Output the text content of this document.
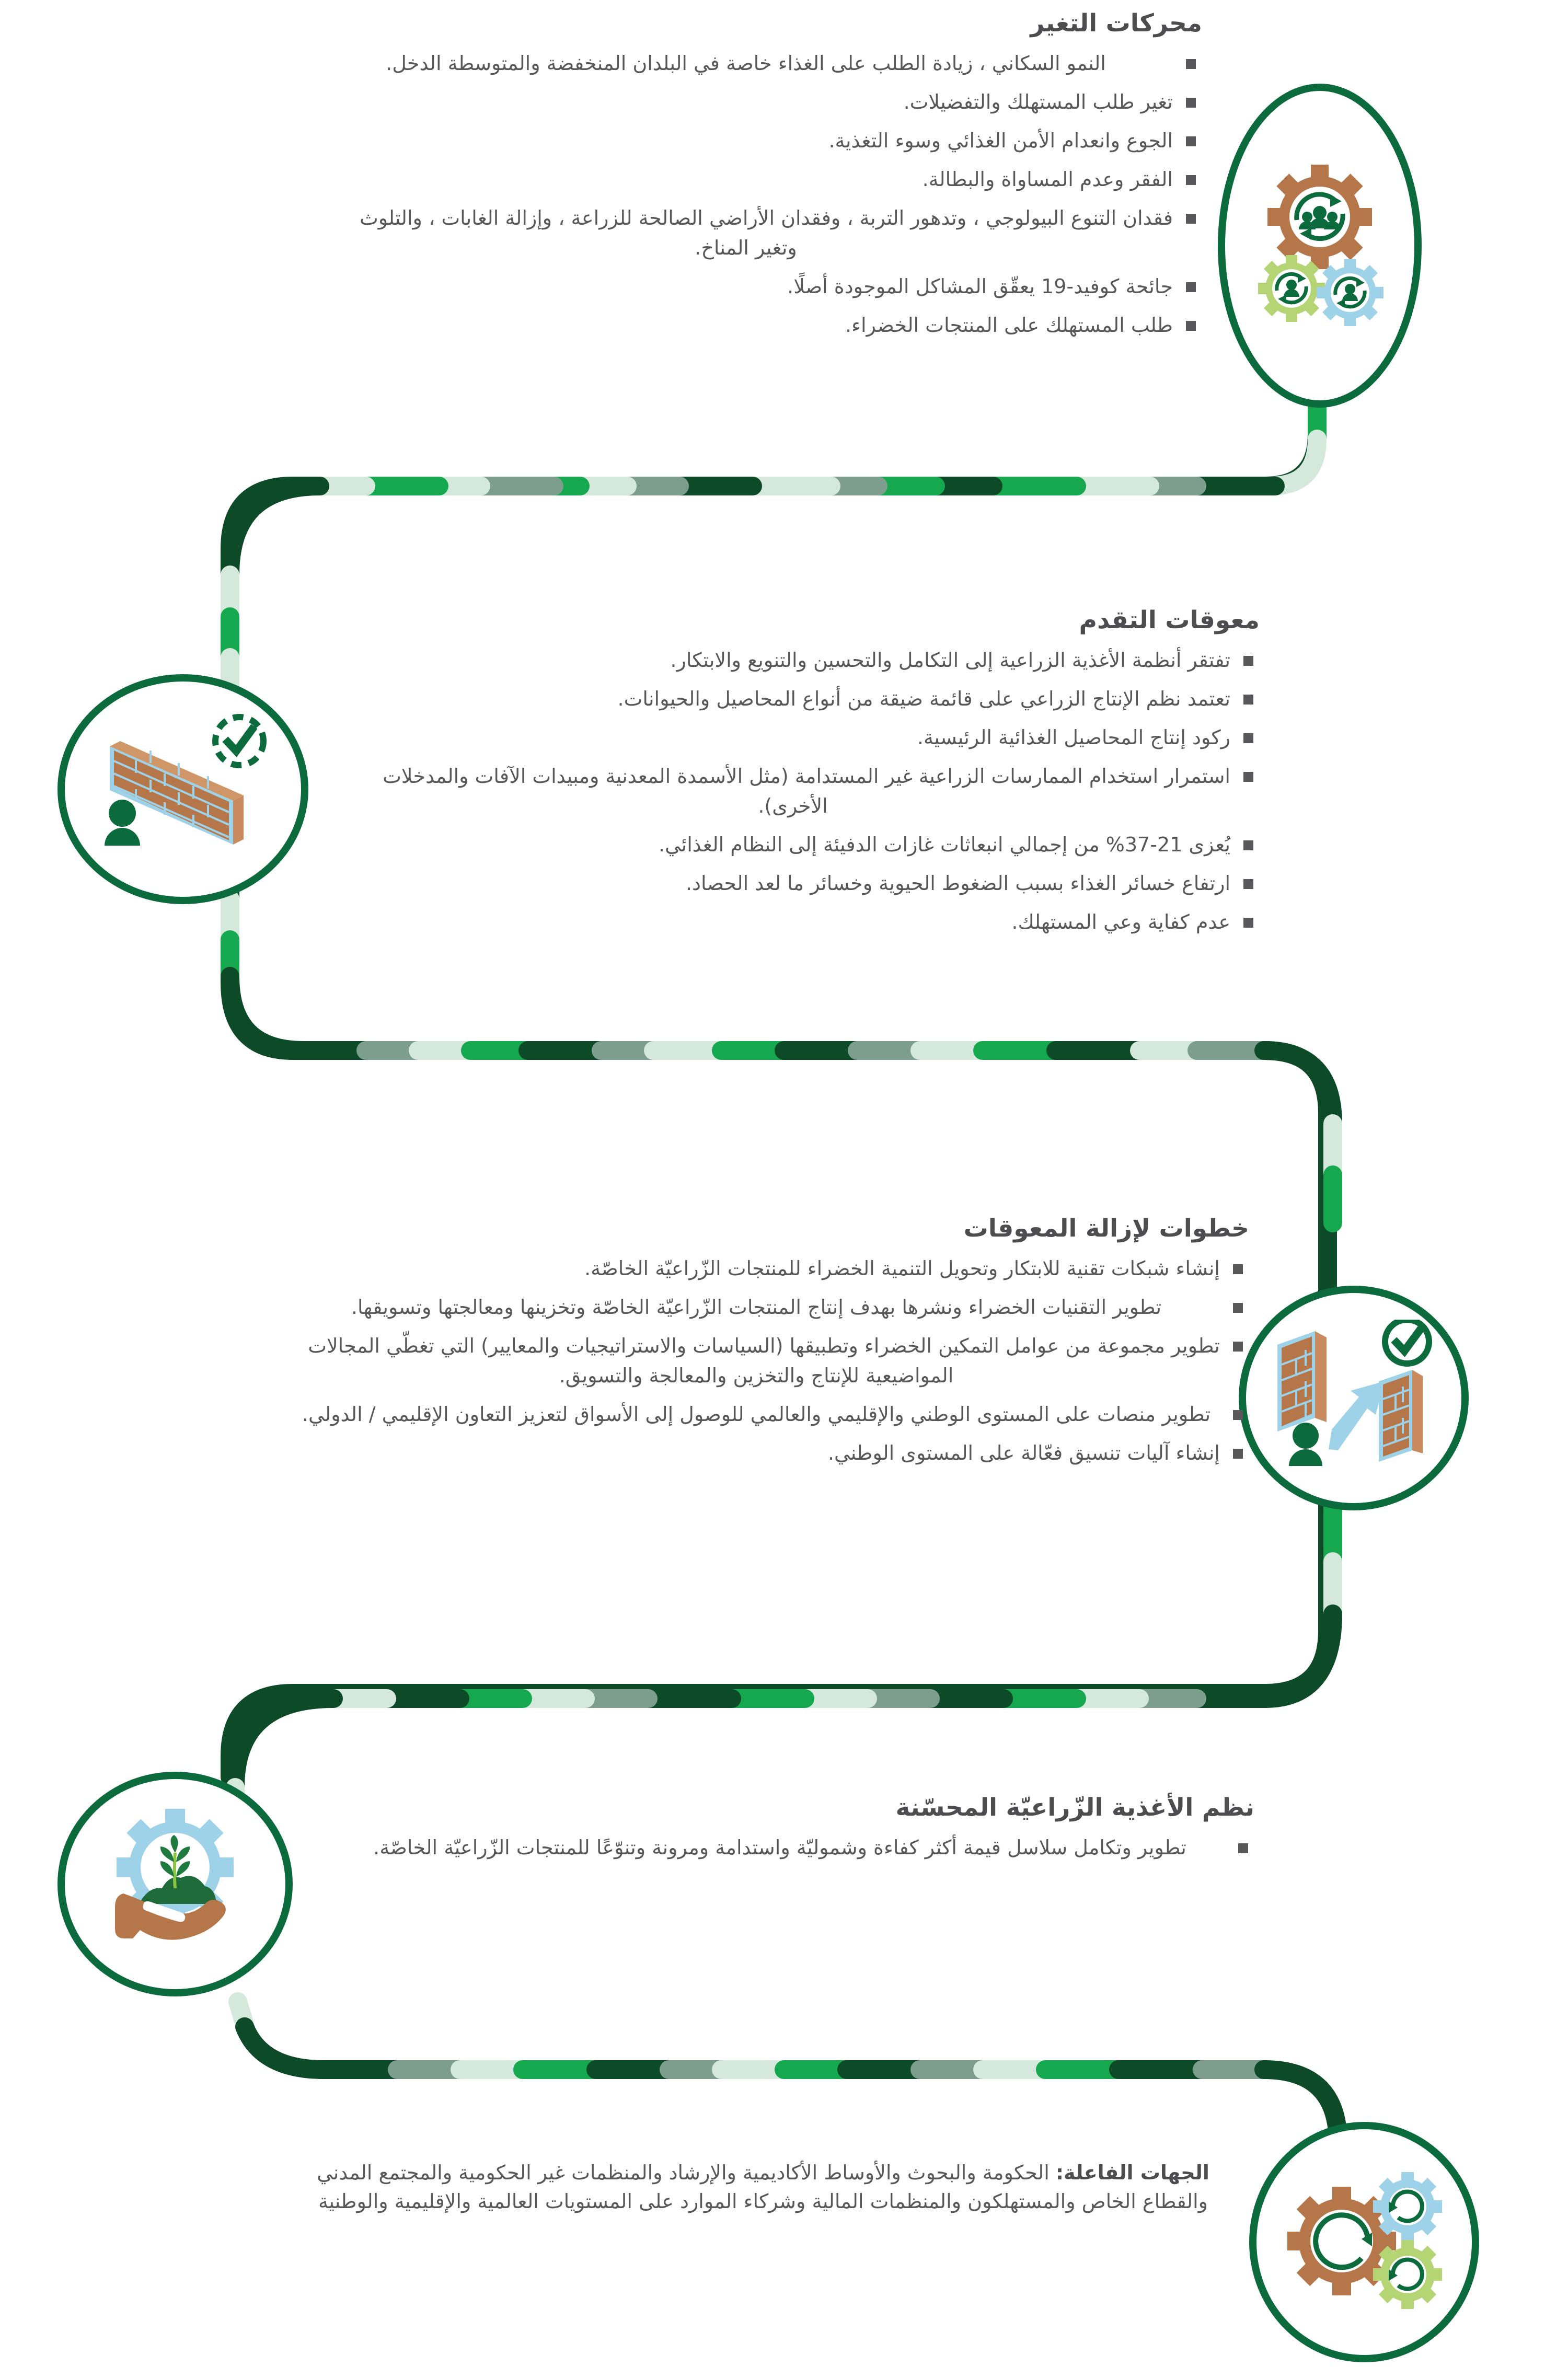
محركات التغير
النمو السكاني ، زيادة الطلب على الغذاء خاصة في البلدان المنخفضة والمتوسطة الدخل.
تغير طلب المستهلك والتفضيلات.
الجوع وانعدام الأمن الغذائي وسوء التغذية.
الفقر وعدم المساواة والبطالة.
فقدان التنوع البيولوجي ، وتدهور التربة ، وفقدان الأراضي الصالحة للزراعة ، وإزالة الغابات ، والتلوث وتغير المناخ.
جائحة كوفيد-19 يعقّق المشاكل الموجودة أصلًا.
طلب المستهلك على المنتجات الخضراء.
معوقات التقدم
تفتقر أنظمة الأغذية الزراعية إلى التكامل والتحسين والتنويع والابتكار.
تعتمد نظم الإنتاج الزراعي على قائمة ضيقة من أنواع المحاصيل والحيوانات.
ركود إنتاج المحاصيل الغذائية الرئيسية.
استمرار استخدام الممارسات الزراعية غير المستدامة (مثل الأسمدة المعدنية ومبيدات الآفات والمدخلات الأخرى).
يُعزى 21-37% من إجمالي انبعاثات غازات الدفيئة إلى النظام الغذائي.
ارتفاع خسائر الغذاء بسبب الضغوط الحيوية وخسائر ما لعد الحصاد.
عدم كفاية وعي المستهلك.
خطوات لإزالة المعوقات
إنشاء شبكات تقنية للابتكار وتحويل التنمية الخضراء للمنتجات الزّراعيّة الخاصّة.
تطوير التقنيات الخضراء ونشرها بهدف إنتاج المنتجات الزّراعيّة الخاصّة وتخزينها ومعالجتها وتسويقها.
تطوير مجموعة من عوامل التمكين الخضراء وتطبيقها (السياسات والاستراتيجيات والمعايير) التي تغطّي المجالات المواضيعية للإنتاج والتخزين والمعالجة والتسويق.
تطوير منصات على المستوى الوطني والإقليمي والعالمي للوصول إلى الأسواق لتعزيز التعاون الإقليمي / الدولي.
إنشاء آليات تنسيق فعّالة على المستوى الوطني.
نظم الأغذية الزّراعيّة المحسّنة
تطوير وتكامل سلاسل قيمة أكثر كفاءة وشموليّة واستدامة ومرونة وتنوّعًا للمنتجات الزّراعيّة الخاصّة.
الجهات الفاعلة: الحكومة والبحوث والأوساط الأكاديمية والإرشاد والمنظمات غير الحكومية والمجتمع المدني والقطاع الخاص والمستهلكون والمنظمات المالية وشركاء الموارد على المستويات العالمية والإقليمية والوطنية
